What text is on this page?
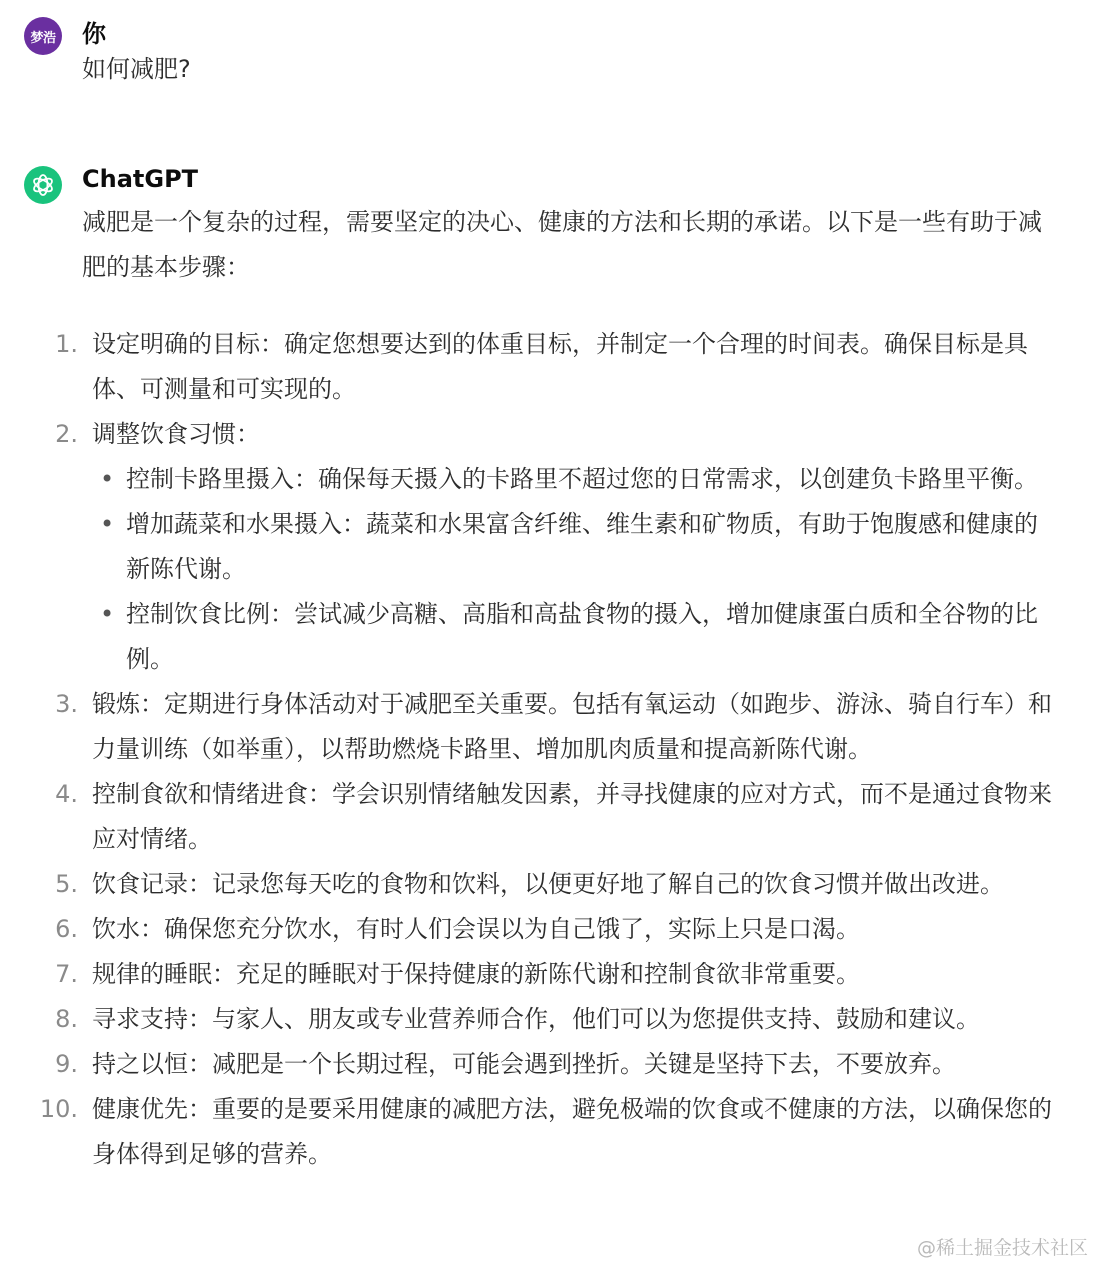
梦浩 你
如何减肥?
ChatGPT
减肥是一个复杂的过程，需要坚定的决心、健康的方法和长期的承诺。以下是一些有助于减肥的基本步骤：
1. 设定明确的目标：确定您想要达到的体重目标，并制定一个合理的时间表。确保目标是具体、可测量和可实现的。
2. 调整饮食习惯：
• 控制卡路里摄入：确保每天摄入的卡路里不超过您的日常需求，以创建负卡路里平衡。
• 增加蔬菜和水果摄入：蔬菜和水果富含纤维、维生素和矿物质，有助于饱腹感和健康的新陈代谢。
• 控制饮食比例：尝试减少高糖、高脂和高盐食物的摄入，增加健康蛋白质和全谷物的比例。
3. 锻炼：定期进行身体活动对于减肥至关重要。包括有氧运动（如跑步、游泳、骑自行车）和力量训练（如举重），以帮助燃烧卡路里、增加肌肉质量和提高新陈代谢。
4. 控制食欲和情绪进食：学会识别情绪触发因素，并寻找健康的应对方式，而不是通过食物来应对情绪。
5. 饮食记录：记录您每天吃的食物和饮料，以便更好地了解自己的饮食习惯并做出改进。
6. 饮水：确保您充分饮水，有时人们会误以为自己饿了，实际上只是口渴。
7. 规律的睡眠：充足的睡眠对于保持健康的新陈代谢和控制食欲非常重要。
8. 寻求支持：与家人、朋友或专业营养师合作，他们可以为您提供支持、鼓励和建议。
9. 持之以恒：减肥是一个长期过程，可能会遇到挫折。关键是坚持下去，不要放弃。
10. 健康优先：重要的是要采用健康的减肥方法，避免极端的饮食或不健康的方法，以确保您的身体得到足够的营养。
@稀土掘金技术社区
